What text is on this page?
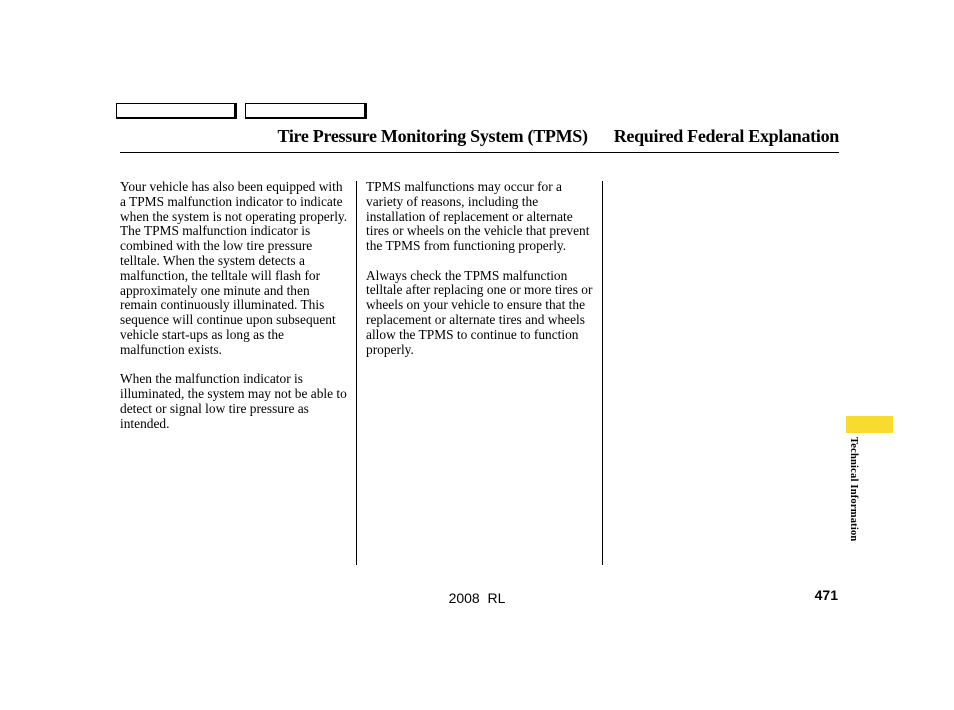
Tire Pressure Monitoring System (TPMS) Required Federal Explanation

Your vehicle has also been equipped with a TPMS malfunction indicator to indicate when the system is not operating properly. The TPMS malfunction indicator is combined with the low tire pressure telltale. When the system detects a malfunction, the telltale will flash for approximately one minute and then remain continuously illuminated. This sequence will continue upon subsequent vehicle start-ups as long as the malfunction exists.

When the malfunction indicator is illuminated, the system may not be able to detect or signal low tire pressure as intended.

TPMS malfunctions may occur for a variety of reasons, including the installation of replacement or alternate tires or wheels on the vehicle that prevent the TPMS from functioning properly.

Always check the TPMS malfunction telltale after replacing one or more tires or wheels on your vehicle to ensure that the replacement or alternate tires and wheels allow the TPMS to continue to function properly.

Technical Information
2008  RL	471
